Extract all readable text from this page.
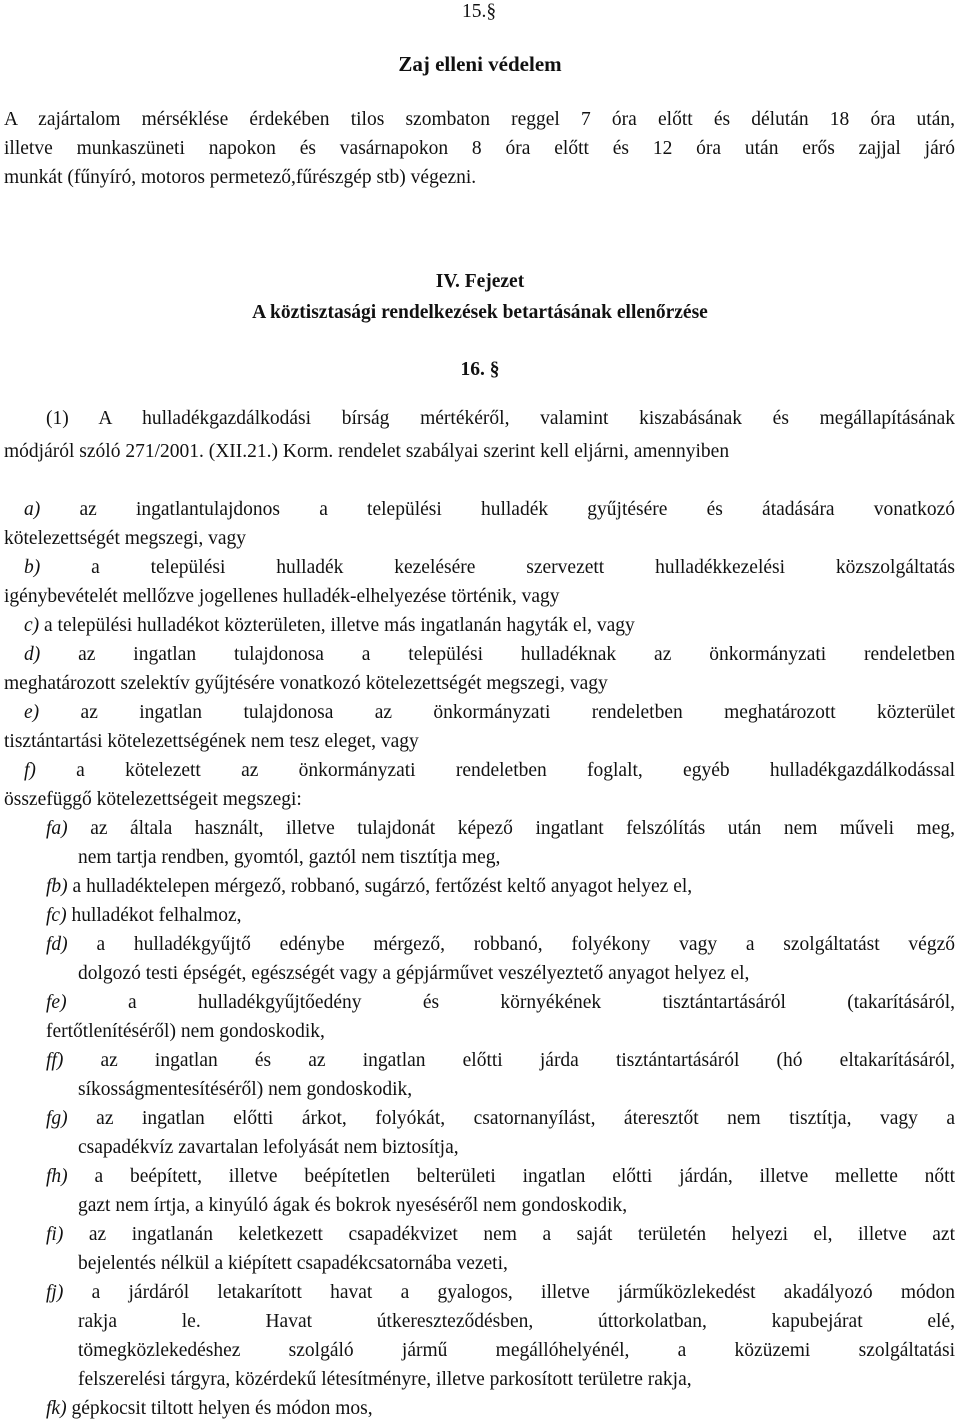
15.§
Zaj elleni védelem
A zajártalom mérséklése érdekében tilos szombaton reggel 7 óra előtt és délután 18 óra után,
illetve munkaszüneti napokon és vasárnapokon 8 óra előtt és 12 óra után erős zajjal járó
munkát (fűnyíró, motoros permetező,fűrészgép stb) végezni.
IV. Fejezet
A köztisztasági rendelkezések betartásának ellenőrzése
16. §
(1) A hulladékgazdálkodási bírság mértékéről, valamint kiszabásának és megállapításának
módjáról szóló 271/2001. (XII.21.) Korm. rendelet szabályai szerint kell eljárni, amennyiben
a) az ingatlantulajdonos a települési hulladék gyűjtésére és átadására vonatkozó
kötelezettségét megszegi, vagy
b)	a települési hulladék kezelésére szervezett hulladékkezelési közszolgáltatás
igénybevételét mellőzve jogellenes hulladék-elhelyezése történik, vagy
c) a települési hulladékot közterületen, illetve más ingatlanán hagyták el, vagy
d) az ingatlan tulajdonosa a települési hulladéknak az önkormányzati rendeletben
meghatározott szelektív gyűjtésére vonatkozó kötelezettségét megszegi, vagy
e) az ingatlan tulajdonosa az önkormányzati rendeletben meghatározott közterület
tisztántartási kötelezettségének nem tesz eleget, vagy
f) a kötelezett az önkormányzati rendeletben foglalt, egyéb hulladékgazdálkodással
összefüggő kötelezettségeit megszegi:
fa) az általa használt, illetve tulajdonát képező ingatlant felszólítás után nem műveli meg,
nem tartja rendben, gyomtól, gaztól nem tisztítja meg,
fb) a hulladéktelepen mérgező, robbanó, sugárzó, fertőzést keltő anyagot helyez el,
fc) hulladékot felhalmoz,
fd) a hulladékgyűjtő edénybe mérgező, robbanó, folyékony vagy a szolgáltatást végző
dolgozó testi épségét, egészségét vagy a gépjárművet veszélyeztető anyagot helyez el,
fe)	a hulladékgyűjtőedény és környékének tisztántartásáról (takarításáról,
fertőtlenítéséről) nem gondoskodik,
ff) az ingatlan és az ingatlan előtti járda tisztántartásáról (hó eltakarításáról,
síkosságmentesítéséről) nem gondoskodik,
fg) az ingatlan előtti árkot, folyókát, csatornanyílást, áteresztőt nem tisztítja, vagy a
csapadékvíz zavartalan lefolyását nem biztosítja,
fh) a beépített, illetve beépítetlen belterületi ingatlan előtti járdán, illetve mellette nőtt
gazt nem írtja, a kinyúló ágak és bokrok nyeséséről nem gondoskodik,
fi) az ingatlanán keletkezett csapadékvizet nem a saját területén helyezi el, illetve azt
bejelentés nélkül a kiépített csapadékcsatornába vezeti,
fj) a járdáról letakarított havat a gyalogos, illetve járműközlekedést akadályozó módon
rakja le. Havat útkereszteződésben, úttorkolatban, kapubejárat elé,
tömegközlekedéshez szolgáló jármű megállóhelyénél, a közüzemi szolgáltatási
felszerelési tárgyra, közérdekű létesítményre, illetve parkosított területre rakja,
fk) gépkocsit tiltott helyen és módon mos,
